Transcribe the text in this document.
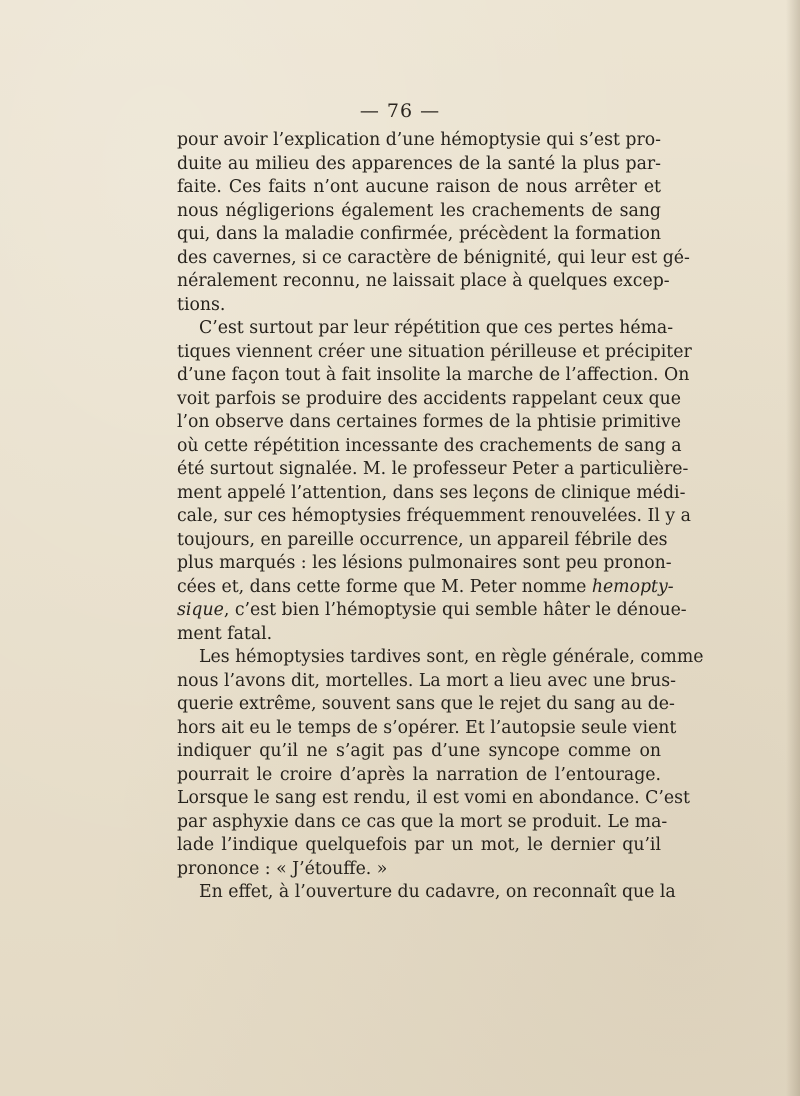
— 76 —
pour avoir l’explication d’une hémoptysie qui s’est pro-
duite au milieu des apparences de la santé la plus par-
faite. Ces faits n’ont aucune raison de nous arrêter et
nous négligerions également les crachements de sang
qui, dans la maladie confirmée, précèdent la formation
des cavernes, si ce caractère de bénignité, qui leur est gé-
néralement reconnu, ne laissait place à quelques excep-
tions.
C’est surtout par leur répétition que ces pertes héma-
tiques viennent créer une situation périlleuse et précipiter
d’une façon tout à fait insolite la marche de l’affection. On
voit parfois se produire des accidents rappelant ceux que
l’on observe dans certaines formes de la phtisie primitive
où cette répétition incessante des crachements de sang a
été surtout signalée. M. le professeur Peter a particulière-
ment appelé l’attention, dans ses leçons de clinique médi-
cale, sur ces hémoptysies fréquemment renouvelées. Il y a
toujours, en pareille occurrence, un appareil fébrile des
plus marqués : les lésions pulmonaires sont peu pronon-
cées et, dans cette forme que M. Peter nomme hemopty-
sique, c’est bien l’hémoptysie qui semble hâter le dénoue-
ment fatal.
Les hémoptysies tardives sont, en règle générale, comme
nous l’avons dit, mortelles. La mort a lieu avec une brus-
querie extrême, souvent sans que le rejet du sang au de-
hors ait eu le temps de s’opérer. Et l’autopsie seule vient
indiquer qu’il ne s’agit pas d’une syncope comme on
pourrait le croire d’après la narration de l’entourage.
Lorsque le sang est rendu, il est vomi en abondance. C’est
par asphyxie dans ce cas que la mort se produit. Le ma-
lade l’indique quelquefois par un mot, le dernier qu’il
prononce : « J’étouffe. »
En effet, à l’ouverture du cadavre, on reconnaît que la
